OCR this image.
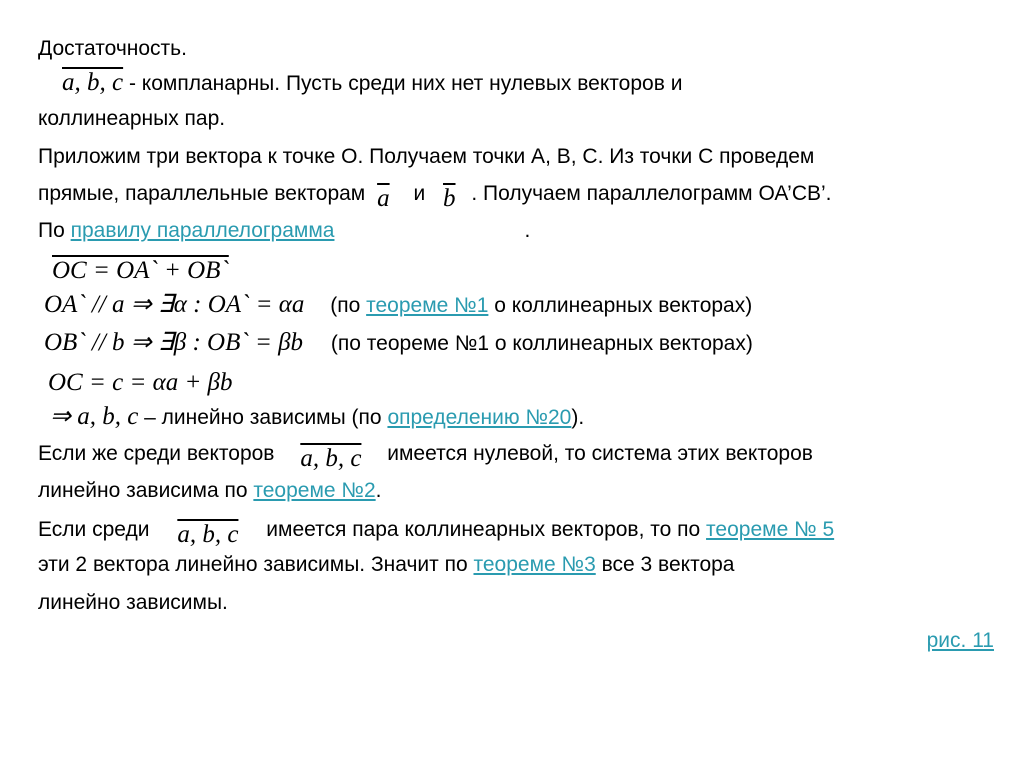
Достаточность.
a, b, c - компланарны. Пусть среди них нет нулевых векторов и
коллинеарных пар.
Приложим три вектора к точке О. Получаем точки А, В, С. Из точки С проведем
прямые, параллельные векторам $\overline{a}$ и $\overline{b}$ . Получаем параллелограмм ОА’СВ’.
По правилу параллелограмма	.
OC = OA` + OB`
OA` // a ⇒ ∃α : OA` = αa (по теореме №1 о коллинеарных векторах)
OB` // b ⇒ ∃β : OB` = βb (по теореме №1 о коллинеарных векторах)
OC = c = αa + βb
⇒ a, b, c – линейно зависимы (по определению №20).
Если же среди векторов a, b, c имеется нулевой, то система этих векторов
линейно зависима по теореме №2.
Если среди a, b, c имеется пара коллинеарных векторов, то по теореме № 5
эти 2 вектора линейно зависимы. Значит по теореме №3 все 3 вектора
линейно зависимы.
рис. 11
